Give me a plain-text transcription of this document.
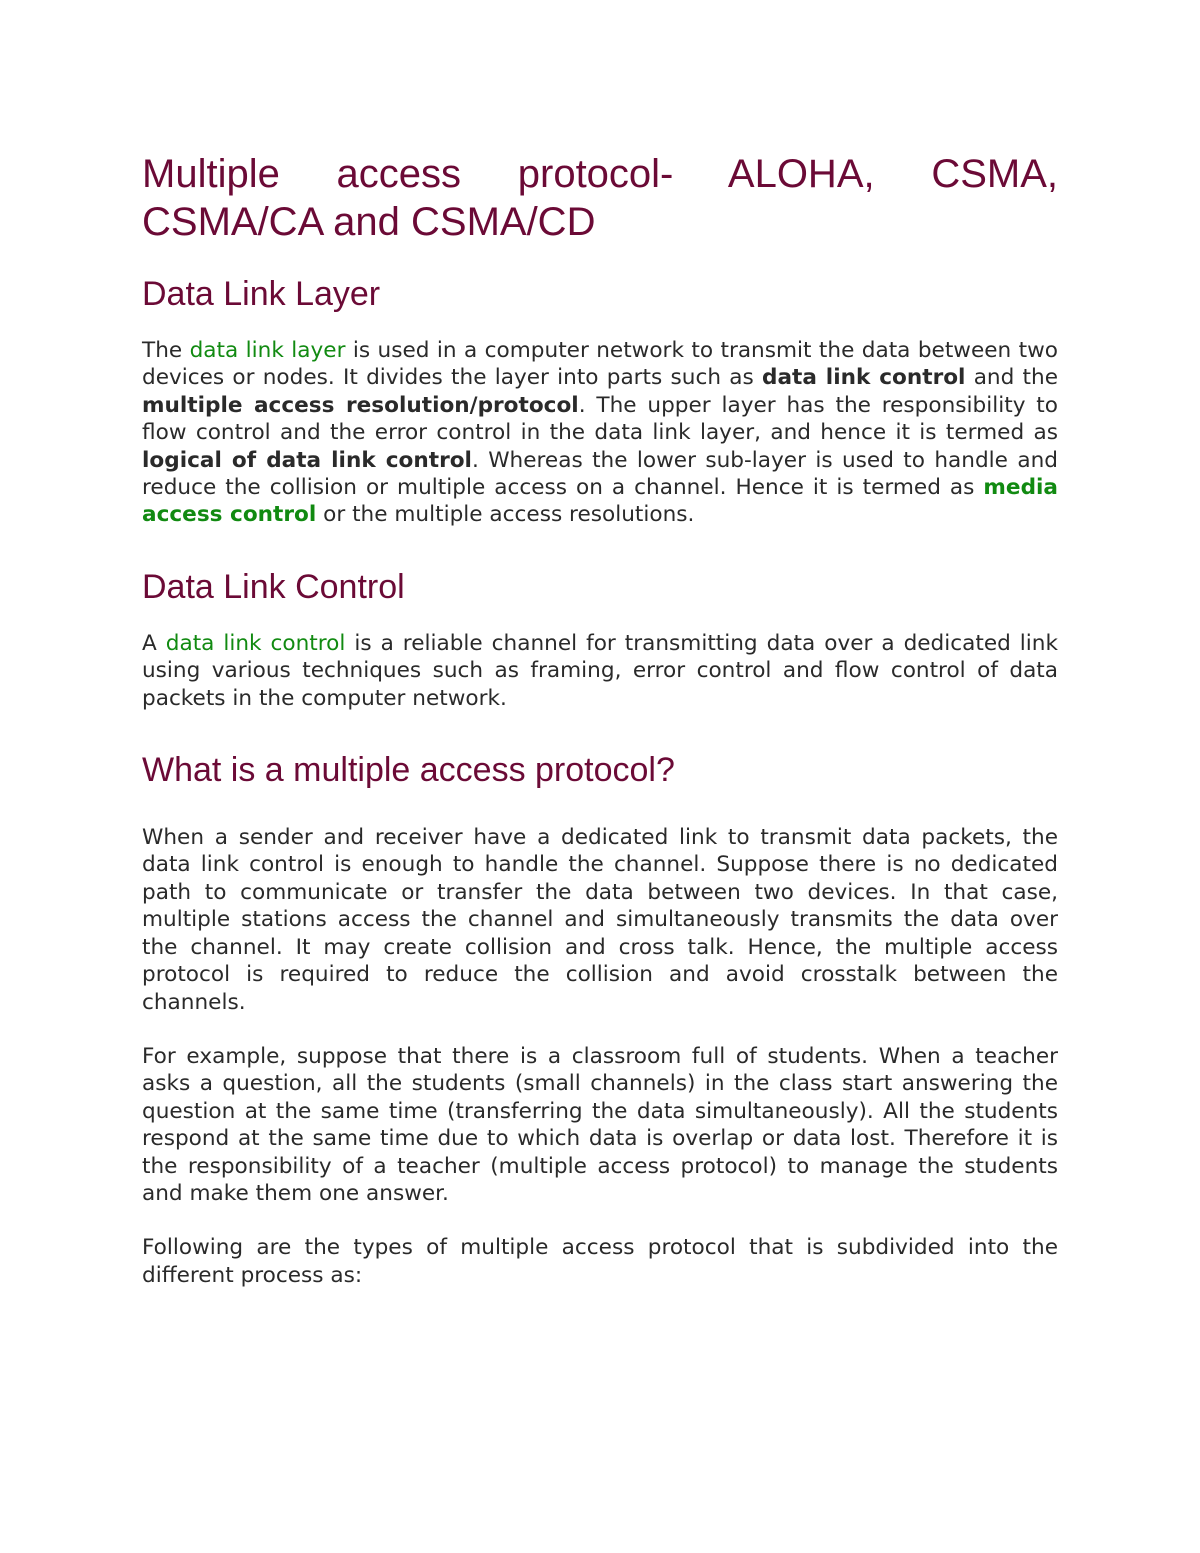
Multiple access protocol- ALOHA, CSMA, CSMA/CA and CSMA/CD
Data Link Layer

The data link layer is used in a computer network to transmit the data between two devices or nodes. It divides the layer into parts such as data link control and the multiple access resolution/protocol. The upper layer has the responsibility to flow control and the error control in the data link layer, and hence it is termed as logical of data link control. Whereas the lower sub-layer is used to handle and reduce the collision or multiple access on a channel. Hence it is termed as media access control or the multiple access resolutions.

Data Link Control

A data link control is a reliable channel for transmitting data over a dedicated link using various techniques such as framing, error control and flow control of data packets in the computer network.

What is a multiple access protocol?

When a sender and receiver have a dedicated link to transmit data packets, the data link control is enough to handle the channel. Suppose there is no dedicated path to communicate or transfer the data between two devices. In that case, multiple stations access the channel and simultaneously transmits the data over the channel. It may create collision and cross talk. Hence, the multiple access protocol is required to reduce the collision and avoid crosstalk between the channels.

For example, suppose that there is a classroom full of students. When a teacher asks a question, all the students (small channels) in the class start answering the question at the same time (transferring the data simultaneously). All the students respond at the same time due to which data is overlap or data lost. Therefore it is the responsibility of a teacher (multiple access protocol) to manage the students and make them one answer.

Following are the types of multiple access protocol that is subdivided into the different process as:
